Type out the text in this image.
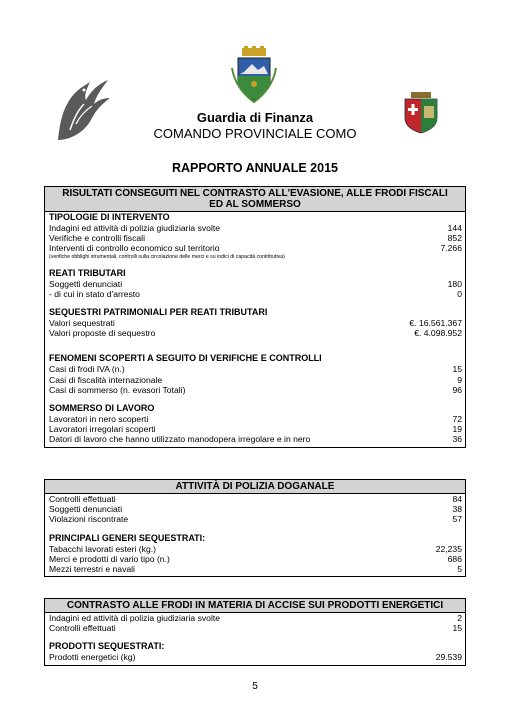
Guardia di Finanza
COMANDO PROVINCIALE COMO
RAPPORTO ANNUALE 2015
RISULTATI CONSEGUITI NEL CONTRASTO ALL'EVASIONE, ALLE FRODI FISCALI
ED AL SOMMERSO
TIPOLOGIE DI INTERVENTO
Indagini ed attività di polizia giudiziaria svolte	144
Verifiche e controlli fiscali	852
Interventi di controllo economico sul territorio	7.266
(verifiche obblighi strumentali, controlli sulla circolazione delle merci e su indici di capacità contributiva)
REATI TRIBUTARI
Soggetti denunciati	180
- di cui in stato d'arresto	0
SEQUESTRI PATRIMONIALI PER REATI TRIBUTARI
Valori sequestrati	€. 16.561.367
Valori proposte di sequestro	€. 4.098.952
FENOMENI SCOPERTI A SEGUITO DI VERIFICHE E CONTROLLI
Casi di frodi IVA (n.)	15
Casi di fiscalità internazionale	9
Casi di sommerso (n. evasori Totali)	96
SOMMERSO DI LAVORO
Lavoratori in nero scoperti	72
Lavoratori irregolari scoperti	19
Datori di lavoro che hanno utilizzato manodopera irregolare e in nero	36
ATTIVITÀ DI POLIZIA DOGANALE
Controlli effettuati	84
Soggetti denunciati	38
Violazioni riscontrate	57
PRINCIPALI GENERI SEQUESTRATI:
Tabacchi lavorati esteri (kg.)	22,235
Merci e prodotti di vario tipo (n.)	686
Mezzi terrestri e navali	5
CONTRASTO ALLE FRODI IN MATERIA DI ACCISE SUI PRODOTTI ENERGETICI
Indagini ed attività di polizia giudiziaria svolte	2
Controlli effettuati	15
PRODOTTI SEQUESTRATI:
Prodotti energetici (kg)	29.539
5
